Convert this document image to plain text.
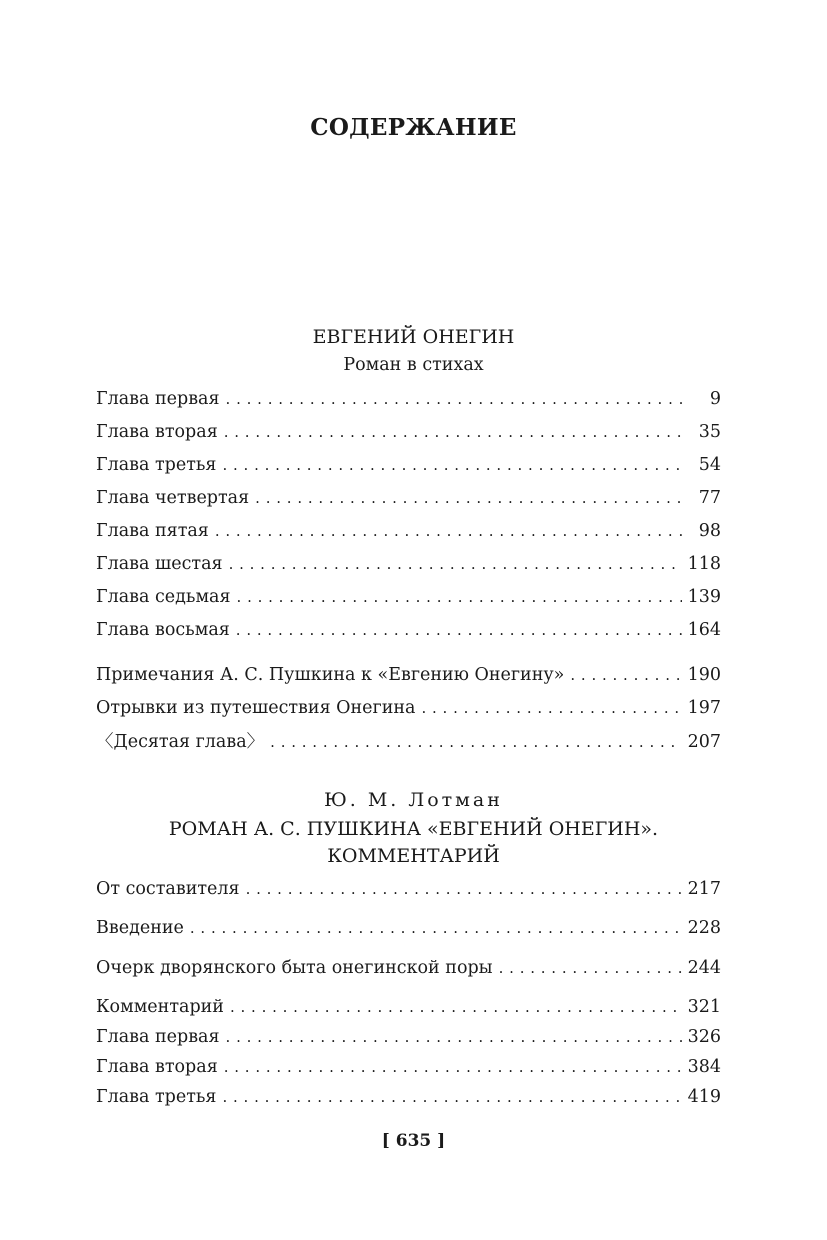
СОДЕРЖАНИЕ
ЕВГЕНИЙ ОНЕГИН
Роман в стихах
Глава первая . . .	9
Глава вторая . . .	35
Глава третья . . .	54
Глава четвертая . . .	77
Глава пятая . . .	98
Глава шестая . . .	118
Глава седьмая . . .	139
Глава восьмая . . .	164
Примечания А. С. Пушкина к «Евгению Онегину» . . .	190
Отрывки из путешествия Онегина . . .	197
〈Десятая глава〉 . . .	207
Ю. М. Лотман
РОМАН А. С. ПУШКИНА «ЕВГЕНИЙ ОНЕГИН».
КОММЕНТАРИЙ
От составителя . . .	217
Введение . . .	228
Очерк дворянского быта онегинской поры . . .	244
Комментарий . . .	321
Глава первая . . .	326
Глава вторая . . .	384
Глава третья . . .	419
[ 635 ]
